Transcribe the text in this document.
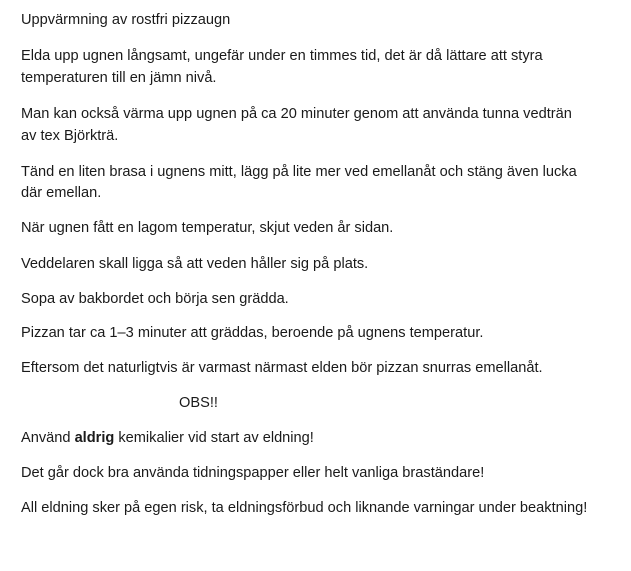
Uppvärmning av rostfri pizzaugn

Elda upp ugnen långsamt, ungefär under en timmes tid, det är då lättare att styra

temperaturen till en jämn nivå.

Man kan också värma upp ugnen på ca 20 minuter genom att använda tunna vedträn

av tex Björkträ.

Tänd en liten brasa i ugnens mitt, lägg på lite mer ved emellanåt och stäng även lucka

där emellan.

När ugnen fått en lagom temperatur, skjut veden år sidan.

Veddelaren skall ligga så att veden håller sig på plats.

Sopa av bakbordet och börja sen grädda.

Pizzan tar ca 1–3 minuter att gräddas, beroende på ugnens temperatur.

Eftersom det naturligtvis är varmast närmast elden bör pizzan snurras emellanåt.

OBS!!

Använd aldrig kemikalier vid start av eldning!

Det går dock bra använda tidningspapper eller helt vanliga braständare!

All eldning sker på egen risk, ta eldningsförbud och liknande varningar under beaktning!
